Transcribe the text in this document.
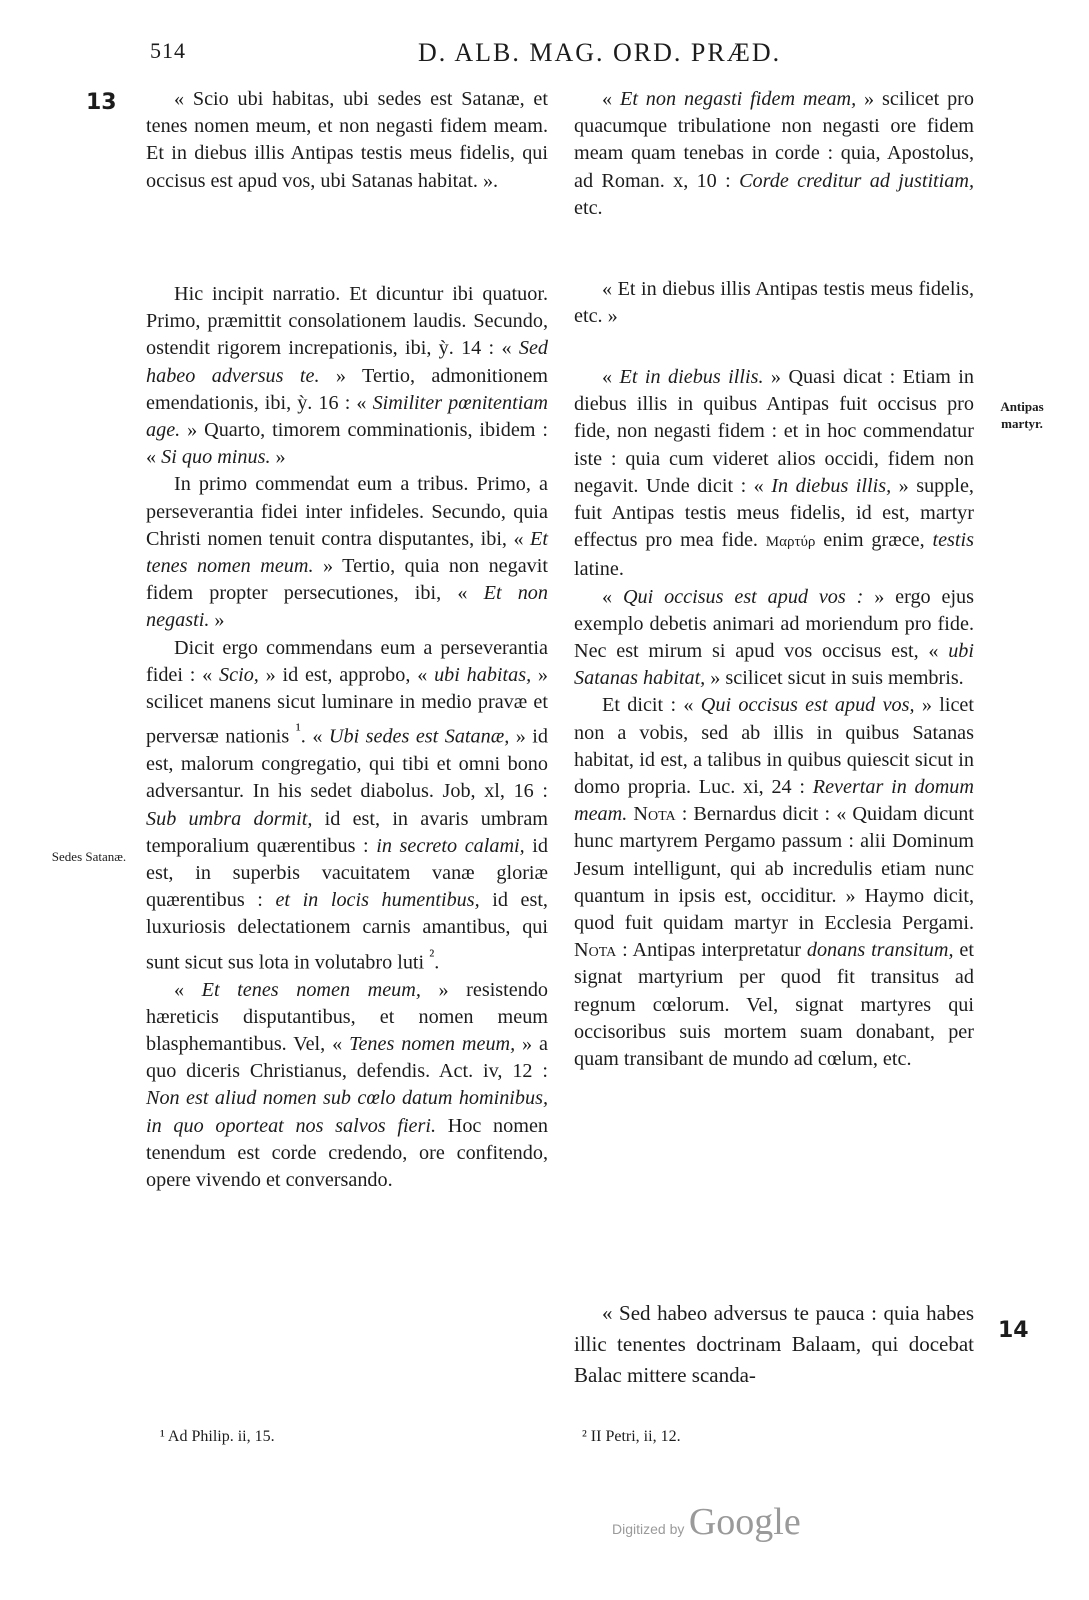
514	D. ALB. MAG. ORD. PRÆD.
13
14
Sedes Satanæ.
Antipas martyr.

« Scio ubi habitas, ubi sedes est Satanæ, et tenes nomen meum, et non negasti fidem meam. Et in diebus illis Antipas testis meus fidelis, qui occisus est apud vos, ubi Satanas habitat. ».

Hic incipit narratio. Et dicuntur ibi quatuor. Primo, præmittit consolationem laudis. Secundo, ostendit rigorem increpationis, ibi, ỳ. 14 : « Sed habeo adversus te. » Tertio, admonitionem emendationis, ibi, ỳ. 16 : « Similiter pœnitentiam age. » Quarto, timorem comminationis, ibidem : « Si quo minus. »

In primo commendat eum a tribus. Primo, a perseverantia fidei inter infideles. Secundo, quia Christi nomen tenuit contra disputantes, ibi, « Et tenes nomen meum. » Tertio, quia non negavit fidem propter persecutiones, ibi, « Et non negasti. »

Dicit ergo commendans eum a perseverantia fidei : « Scio, » id est, approbo, « ubi habitas, » scilicet manens sicut luminare in medio pravæ et perversæ nationis $^{^1}$. « Ubi sedes est Satanæ, » id est, malorum congregatio, qui tibi et omni bono adversantur. In his sedet diabolus. Job, xl, 16 : Sub umbra dormit, id est, in avaris umbram temporalium quærentibus : in secreto calami, id est, in superbis vacuitatem vanæ gloriæ quærentibus : et in locis humentibus, id est, luxuriosis delectationem carnis amantibus, qui sunt sicut sus lota in volutabro luti $^{^2}$.

« Et tenes nomen meum, » resistendo hæreticis disputantibus, et nomen meum blasphemantibus. Vel, « Tenes nomen meum, » a quo diceris Christianus, defendis. Act. iv, 12 : Non est aliud nomen sub cœlo datum hominibus, in quo oporteat nos salvos fieri. Hoc nomen tenendum est corde credendo, ore confitendo, opere vivendo et conversando.

« Et non negasti fidem meam, » scilicet pro quacumque tribulatione non negasti ore fidem meam quam tenebas in corde : quia, Apostolus, ad Roman. x, 10 : Corde creditur ad justitiam, etc.

« Et in diebus illis Antipas testis meus fidelis, etc. »

« Et in diebus illis. » Quasi dicat : Etiam in diebus illis in quibus Antipas fuit occisus pro fide, non negasti fidem : et in hoc commendatur iste : quia cum videret alios occidi, fidem non negavit. Unde dicit : « In diebus illis, » supple, fuit Antipas testis meus fidelis, id est, martyr effectus pro mea fide. Μαρτύρ enim græce, testis latine.

« Qui occisus est apud vos : » ergo ejus exemplo debetis animari ad moriendum pro fide. Nec est mirum si apud vos occisus est, « ubi Satanas habitat, » scilicet sicut in suis membris.

Et dicit : « Qui occisus est apud vos, » licet non a vobis, sed ab illis in quibus Satanas habitat, id est, a talibus in quibus quiescit sicut in domo propria. Luc. xi, 24 : Revertar in domum meam. Nota : Bernardus dicit : « Quidam dicunt hunc martyrem Pergamo passum : alii Dominum Jesum intelligunt, qui ab incredulis etiam nunc quantum in ipsis est, occiditur. » Haymo dicit, quod fuit quidam martyr in Ecclesia Pergami. Nota : Antipas interpretatur donans transitum, et signat martyrium per quod fit transitus ad regnum cœlorum. Vel, signat martyres qui occisoribus suis mortem suam donabant, per quam transibant de mundo ad cœlum, etc.

« Sed habeo adversus te pauca : quia habes illic tenentes doctrinam Balaam, qui docebat Balac mittere scanda-

¹ Ad Philip. ii, 15.	² II Petri, ii, 12.
Digitized by Google
